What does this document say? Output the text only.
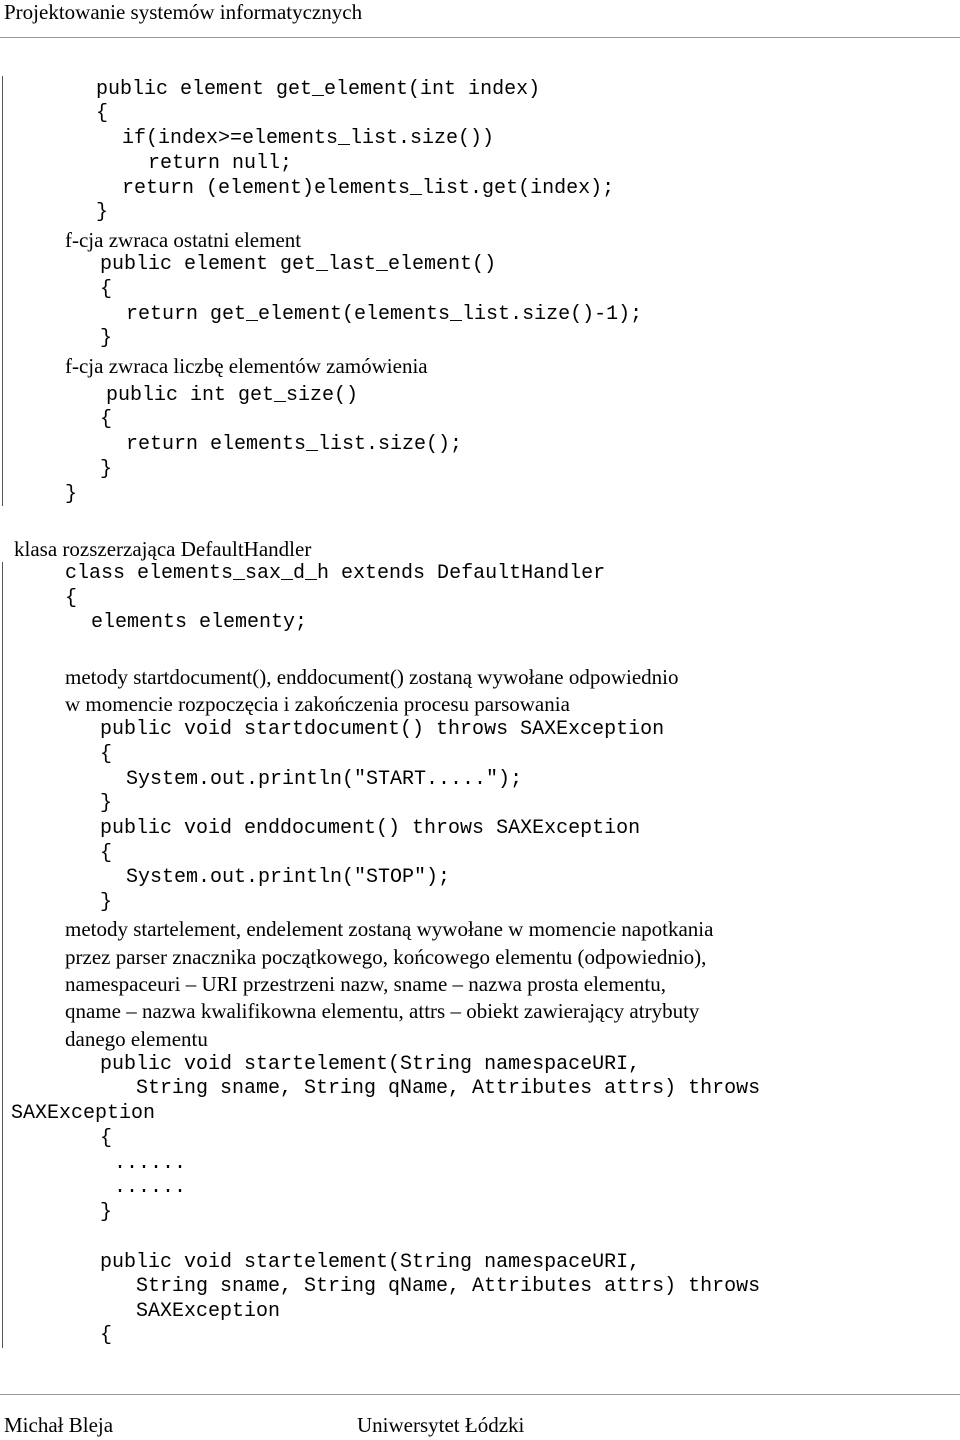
Projektowanie systemów informatycznych
public element get_element(int index)
{
if(index>=elements_list.size())
return null;
return (element)elements_list.get(index);
}
f-cja zwraca ostatni element
public element get_last_element()
{
return get_element(elements_list.size()-1);
}
f-cja zwraca liczbę elementów zamówienia
public int get_size()
{
return elements_list.size();
}
}
klasa rozszerzająca DefaultHandler
class elements_sax_d_h extends DefaultHandler
{
elements elementy;
metody startdocument(), enddocument() zostaną wywołane odpowiednio
w momencie rozpoczęcia i zakończenia procesu parsowania
public void startdocument() throws SAXException
{
System.out.println("START.....");
}
public void enddocument() throws SAXException
{
System.out.println("STOP");
}
metody startelement, endelement zostaną wywołane w momencie napotkania
przez parser znacznika początkowego, końcowego elementu (odpowiednio),
namespaceuri – URI przestrzeni nazw, sname – nazwa prosta elementu,
qname – nazwa kwalifikowna elementu, attrs – obiekt zawierający atrybuty
danego elementu
public void startelement(String namespaceURI,
String sname, String qName, Attributes attrs) throws
SAXException
{
......
......
}
public void startelement(String namespaceURI,
String sname, String qName, Attributes attrs) throws
SAXException
{
Michał Bleja	Uniwersytet Łódzki
